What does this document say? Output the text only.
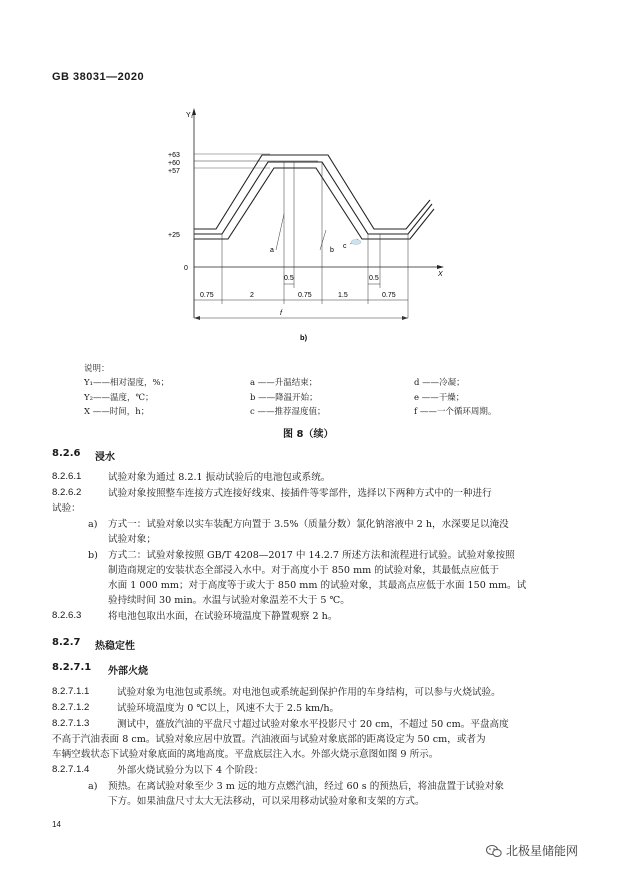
GB 38031—2020
Y₂
X
+63
+60
+57
+25
0
a	b
c
0.5	0.5
0.75	2	0.75	1.5	0.75
f
b)
说明：
Y₁——相对湿度，%；	a ——升温结束；	d ——冷凝；
Y₂——温度，℃；	b ——降温开始；	e ——干燥；
X ——时间，h；	c ——推荐湿度值；	f ——一个循环周期。
图 8（续）
8.2.6 浸水
8.2.6.1	试验对象为通过 8.2.1 振动试验后的电池包或系统。
8.2.6.2	试验对象按照整车连接方式连接好线束、接插件等零部件，选择以下两种方式中的一种进行
试验：
a) 方式一：试验对象以实车装配方向置于 3.5%（质量分数）氯化钠溶液中 2 h，水深要足以淹没
试验对象；
b) 方式二：试验对象按照 GB/T 4208—2017 中 14.2.7 所述方法和流程进行试验。试验对象按照
制造商规定的安装状态全部浸入水中。对于高度小于 850 mm 的试验对象，其最低点应低于
水面 1 000 mm；对于高度等于或大于 850 mm 的试验对象，其最高点应低于水面 150 mm。试
验持续时间 30 min。水温与试验对象温差不大于 5 ℃。
8.2.6.3	将电池包取出水面，在试验环境温度下静置观察 2 h。
8.2.7 热稳定性
8.2.7.1 外部火烧
8.2.7.1.1	试验对象为电池包或系统。对电池包或系统起到保护作用的车身结构，可以参与火烧试验。
8.2.7.1.2	试验环境温度为 0 ℃以上，风速不大于 2.5 km/h。
8.2.7.1.3	测试中，盛放汽油的平盘尺寸超过试验对象水平投影尺寸 20 cm，不超过 50 cm。平盘高度
不高于汽油表面 8 cm。试验对象应居中放置。汽油液面与试验对象底部的距离设定为 50 cm，或者为
车辆空载状态下试验对象底面的离地高度。平盘底层注入水。外部火烧示意图如图 9 所示。
8.2.7.1.4	外部火烧试验分为以下 4 个阶段：
a) 预热。在离试验对象至少 3 m 远的地方点燃汽油，经过 60 s 的预热后，将油盘置于试验对象
下方。如果油盘尺寸太大无法移动，可以采用移动试验对象和支架的方式。
14
北极星储能网
